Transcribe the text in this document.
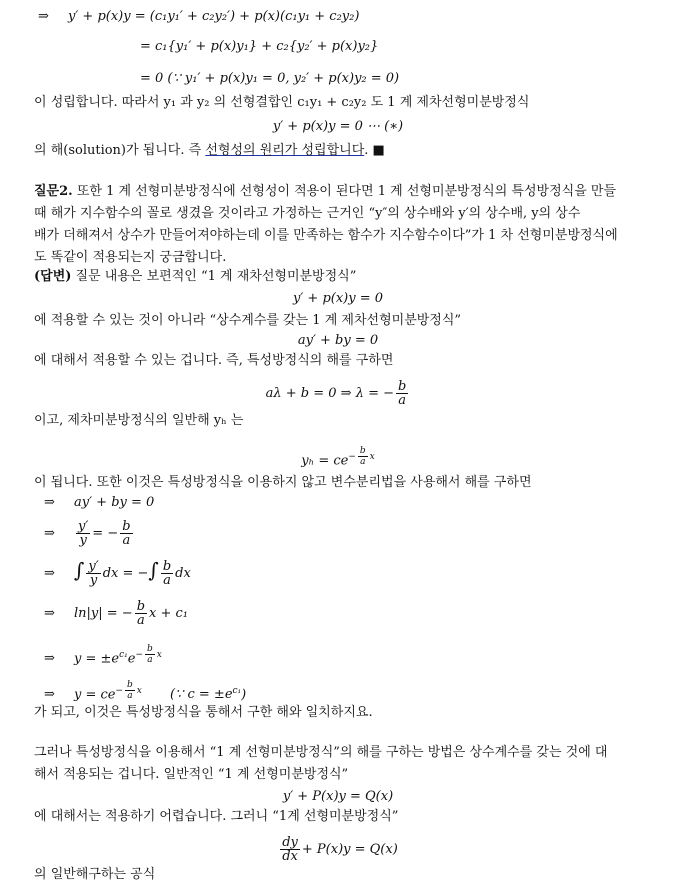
⇒ y′ + p(x)y = (c₁y₁′ + c₂y₂′) + p(x)(c₁y₁ + c₂y₂)
= c₁{y₁′ + p(x)y₁} + c₂{y₂′ + p(x)y₂}
= 0 (∵ y₁′ + p(x)y₁ = 0, y₂′ + p(x)y₂ = 0)
이 성립합니다. 따라서 y₁ 과 y₂ 의 선형결합인 c₁y₁ + c₂y₂ 도 1 계 제차선형미분방정식
y′ + p(x)y = 0 ⋯ (∗)
의 해(solution)가 됩니다. 즉 선형성의 원리가 성립합니다. ■
질문2. 또한 1 계 선형미분방정식에 선형성이 적용이 된다면 1 계 선형미분방정식의 특성방정식을 만들
때 해가 지수함수의 꼴로 생겼을 것이라고 가정하는 근거인 “y″의 상수배와 y′의 상수배, y의 상수
배가 더해져서 상수가 만들어져야하는데 이를 만족하는 함수가 지수함수이다”가 1 차 선형미분방정식에
도 똑같이 적용되는지 궁금합니다.
(답변) 질문 내용은 보편적인 “1 계 재차선형미분방정식”
y′ + p(x)y = 0
에 적용할 수 있는 것이 아니라 “상수계수를 갖는 1 계 제차선형미분방정식”
ay′ + by = 0
에 대해서 적용할 수 있는 겁니다. 즉, 특성방정식의 해를 구하면
aλ + b = 0 ⇒ λ = − $\frac{b}{a}$
이고, 제차미분방정식의 일반해 yₕ 는
$y_h = ce^{- \frac{b}{a} x}$
이 됩니다. 또한 이것은 특성방정식을 이용하지 않고 변수분리법을 사용해서 해를 구하면
⇒ ay′ + by = 0
⇒ $\frac{y'}{y}$ = − $\frac{b}{a}$
⇒ ∫ $\frac{y'}{y}$ dx = −∫ $\frac{b}{a}$ dx
⇒ ln|y| = − $\frac{b}{a}$ x + c₁
⇒ $y = \pm e^{c_1}e^{- \frac{b}{a} x}$
⇒ $y = ce^{- \frac{b}{a} x}$ (∵ $c = \pm e^{c_1}$)
가 되고, 이것은 특성방정식을 통해서 구한 해와 일치하지요.
그러나 특성방정식을 이용해서 “1 계 선형미분방정식”의 해를 구하는 방법은 상수계수를 갖는 것에 대
해서 적용되는 겁니다. 일반적인 “1 계 선형미분방정식”
y′ + P(x)y = Q(x)
에 대해서는 적용하기 어렵습니다. 그러니 “1계 선형미분방정식”
$\frac{dy}{dx} + P(x)y = Q(x)$
의 일반해구하는 공식
